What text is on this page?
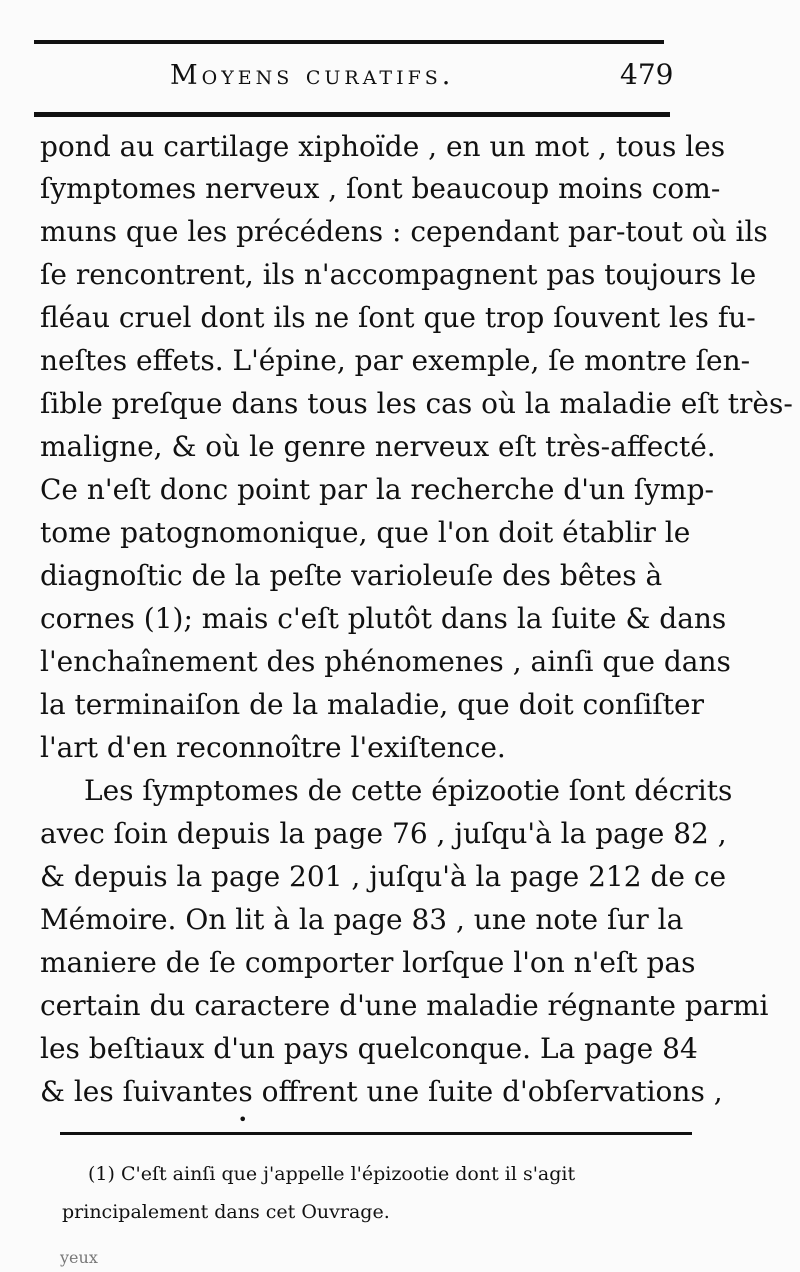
Moyens curatifs.	479
pond au cartilage xiphoïde , en un mot , tous les
ſymptomes nerveux , ſont beaucoup moins com-
muns que les précédens : cependant par-tout où ils
ſe rencontrent, ils n'accompagnent pas toujours le
fléau cruel dont ils ne ſont que trop ſouvent les fu-
neſtes effets. L'épine, par exemple, ſe montre ſen-
ſible preſque dans tous les cas où la maladie eſt très-
maligne, & où le genre nerveux eſt très-affecté.
Ce n'eſt donc point par la recherche d'un ſymp-
tome patognomonique, que l'on doit établir le
diagnoſtic de la peſte varioleuſe des bêtes à
cornes (1); mais c'eſt plutôt dans la ſuite & dans
l'enchaînement des phénomenes , ainſi que dans
la terminaiſon de la maladie, que doit conſiſter
l'art d'en reconnoître l'exiſtence.
Les ſymptomes de cette épizootie ſont décrits
avec ſoin depuis la page 76 , juſqu'à la page 82 ,
& depuis la page 201 , juſqu'à la page 212 de ce
Mémoire. On lit à la page 83 , une note ſur la
maniere de ſe comporter lorſque l'on n'eſt pas
certain du caractere d'une maladie régnante parmi
les beſtiaux d'un pays quelconque. La page 84
& les ſuivantes offrent une ſuite d'obſervations ,
•
(1) C'eſt ainſi que j'appelle l'épizootie dont il s'agit
principalement dans cet Ouvrage.
yeux
